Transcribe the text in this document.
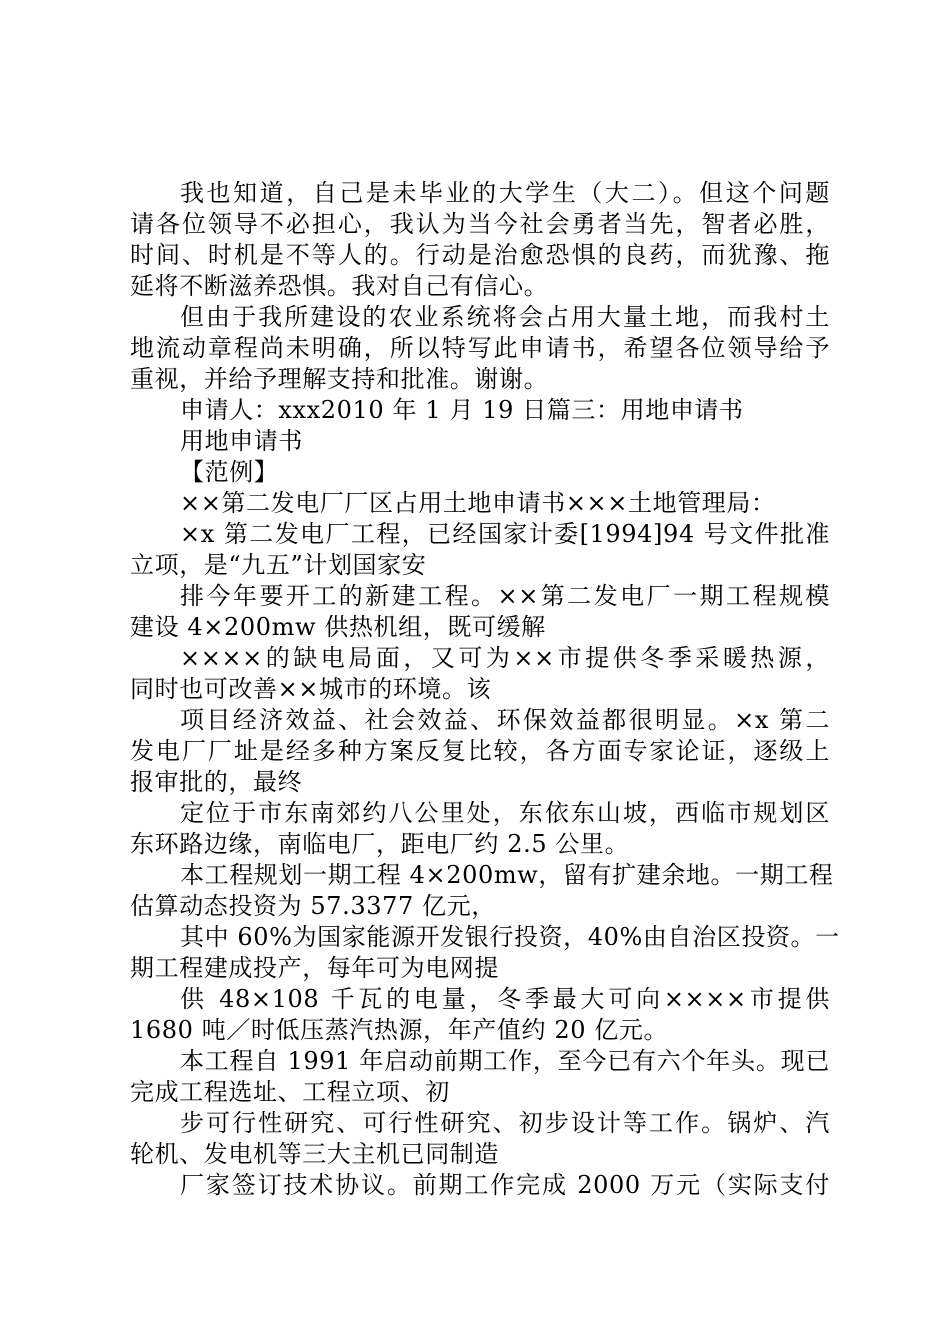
我也知道，自己是未毕业的大学生（大二）。但这个问题
请各位领导不必担心，我认为当今社会勇者当先，智者必胜，
时间、时机是不等人的。行动是治愈恐惧的良药，而犹豫、拖
延将不断滋养恐惧。我对自己有信心。
但由于我所建设的农业系统将会占用大量土地，而我村土
地流动章程尚未明确，所以特写此申请书，希望各位领导给予
重视，并给予理解支持和批准。谢谢。
申请人：xxx2010 年 1 月 19 日篇三：用地申请书
用地申请书
【范例】
××第二发电厂厂区占用土地申请书×××土地管理局：
×x 第二发电厂工程，已经国家计委[1994]94 号文件批准
立项，是“九五”计划国家安
排今年要开工的新建工程。××第二发电厂一期工程规模
建设 4×200mw 供热机组，既可缓解
××××的缺电局面，又可为××市提供冬季采暖热源，
同时也可改善××城市的环境。该
项目经济效益、社会效益、环保效益都很明显。×x 第二
发电厂厂址是经多种方案反复比较，各方面专家论证，逐级上
报审批的，最终
定位于市东南郊约八公里处，东依东山坡，西临市规划区
东环路边缘，南临电厂，距电厂约 2.5 公里。
本工程规划一期工程 4×200mw，留有扩建余地。一期工程
估算动态投资为 57.3377 亿元，
其中 60%为国家能源开发银行投资，40%由自治区投资。一
期工程建成投产，每年可为电网提
供 48×108 千瓦的电量，冬季最大可向××××市提供
1680 吨／时低压蒸汽热源，年产值约 20 亿元。
本工程自 1991 年启动前期工作，至今已有六个年头。现已
完成工程选址、工程立项、初
步可行性研究、可行性研究、初步设计等工作。锅炉、汽
轮机、发电机等三大主机已同制造
厂家签订技术协议。前期工作完成 2000 万元（实际支付
